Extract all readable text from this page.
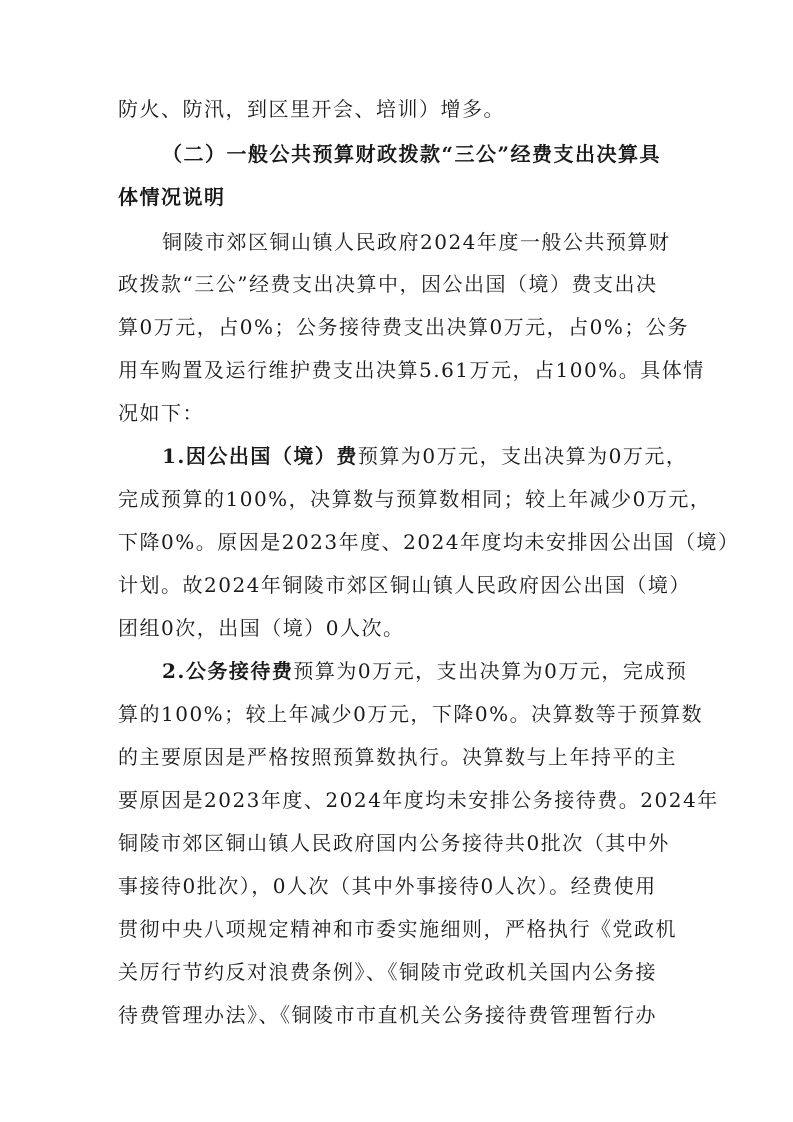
防火、防汛，到区里开会、培训）增多。
（二）一般公共预算财政拨款“三公”经费支出决算具
体情况说明
铜陵市郊区铜山镇人民政府2024年度一般公共预算财
政拨款“三公”经费支出决算中，因公出国（境）费支出决
算0万元，占0%；公务接待费支出决算0万元，占0%；公务
用车购置及运行维护费支出决算5.61万元，占100%。具体情
况如下：
1.因公出国（境）费预算为0万元，支出决算为0万元，
完成预算的100%，决算数与预算数相同；较上年减少0万元，
下降0%。原因是2023年度、2024年度均未安排因公出国（境）
计划。故2024年铜陵市郊区铜山镇人民政府因公出国（境）
团组0次，出国（境）0人次。
2.公务接待费预算为0万元，支出决算为0万元，完成预
算的100%；较上年减少0万元，下降0%。决算数等于预算数
的主要原因是严格按照预算数执行。决算数与上年持平的主
要原因是2023年度、2024年度均未安排公务接待费。2024年
铜陵市郊区铜山镇人民政府国内公务接待共0批次（其中外
事接待0批次），0人次（其中外事接待0人次）。经费使用
贯彻中央八项规定精神和市委实施细则，严格执行《党政机
关厉行节约反对浪费条例》、《铜陵市党政机关国内公务接
待费管理办法》、《铜陵市市直机关公务接待费管理暂行办
